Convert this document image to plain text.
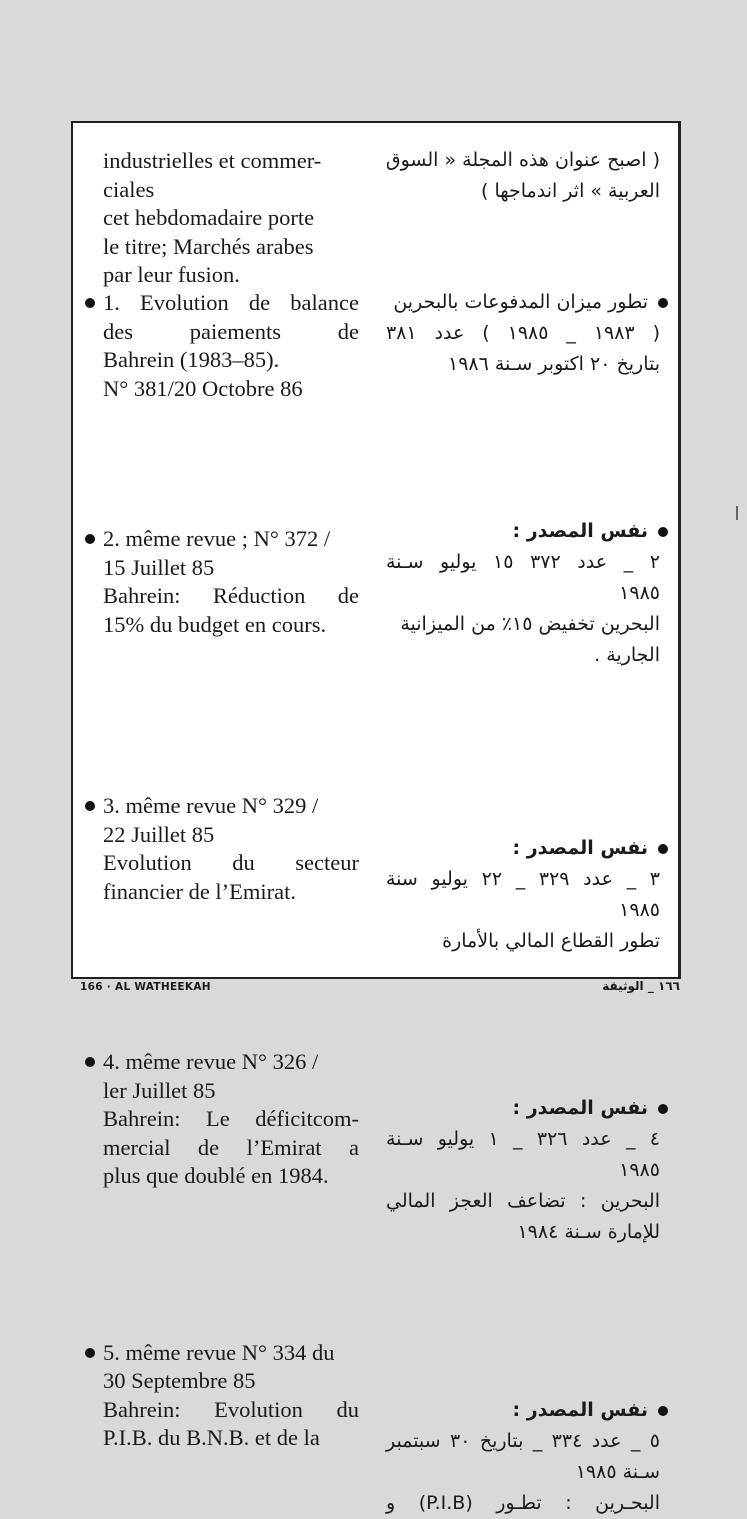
industrielles et commer-

ciales

cet hebdomadaire porte

le titre; Marchés arabes

par leur fusion.

1. Evolution de balance

des paiements de

Bahrein (1983–85).

N° 381/20 Octobre 86

2. même revue ; N° 372 /

15 Juillet 85

Bahrein: Réduction de

15% du budget en cours.

3. même revue N° 329 /

22 Juillet 85

Evolution du secteur

financier de l’Emirat.

4. même revue N° 326 /

ler Juillet 85

Bahrein: Le déficitcom-

mercial de l’Emirat a

plus que doublé en 1984.

5. même revue N° 334 du

30 Septembre 85

Bahrein: Evolution du

P.I.B. du B.N.B. et de la

( اصبح عنوان هذه المجلة « السوق

العربية » اثر اندماجها )

تطور ميزان المدفوعات بالبحرين

( ١٩٨٣ _ ١٩٨٥ ) عدد ٣٨١

بتاريخ ٢٠ اكتوبر سـنة ١٩٨٦

نفس المصدر :

٢ _ عدد ٣٧٢ ١٥ يوليو سـنة

١٩٨٥

البحرين تخفيض ١٥٪ من الميزانية

الجارية .

نفس المصدر :

٣ _ عدد ٣٢٩ _ ٢٢ يوليو سنة

١٩٨٥

تطور القطاع المالي بالأمارة

نفس المصدر :

٤ _ عدد ٣٢٦ _ ١ يوليو سـنة

١٩٨٥

البحرين : تضاعف العجز المالي

للإمارة سـنة ١٩٨٤

نفس المصدر :

٥ _ عدد ٣٣٤ _ بتاريخ ٣٠ سبتمبر

سـنة ١٩٨٥

البحـرين : تطـور (P.I.B) و

166 · AL WATHEEKAH	١٦٦ _ الوثيقة
